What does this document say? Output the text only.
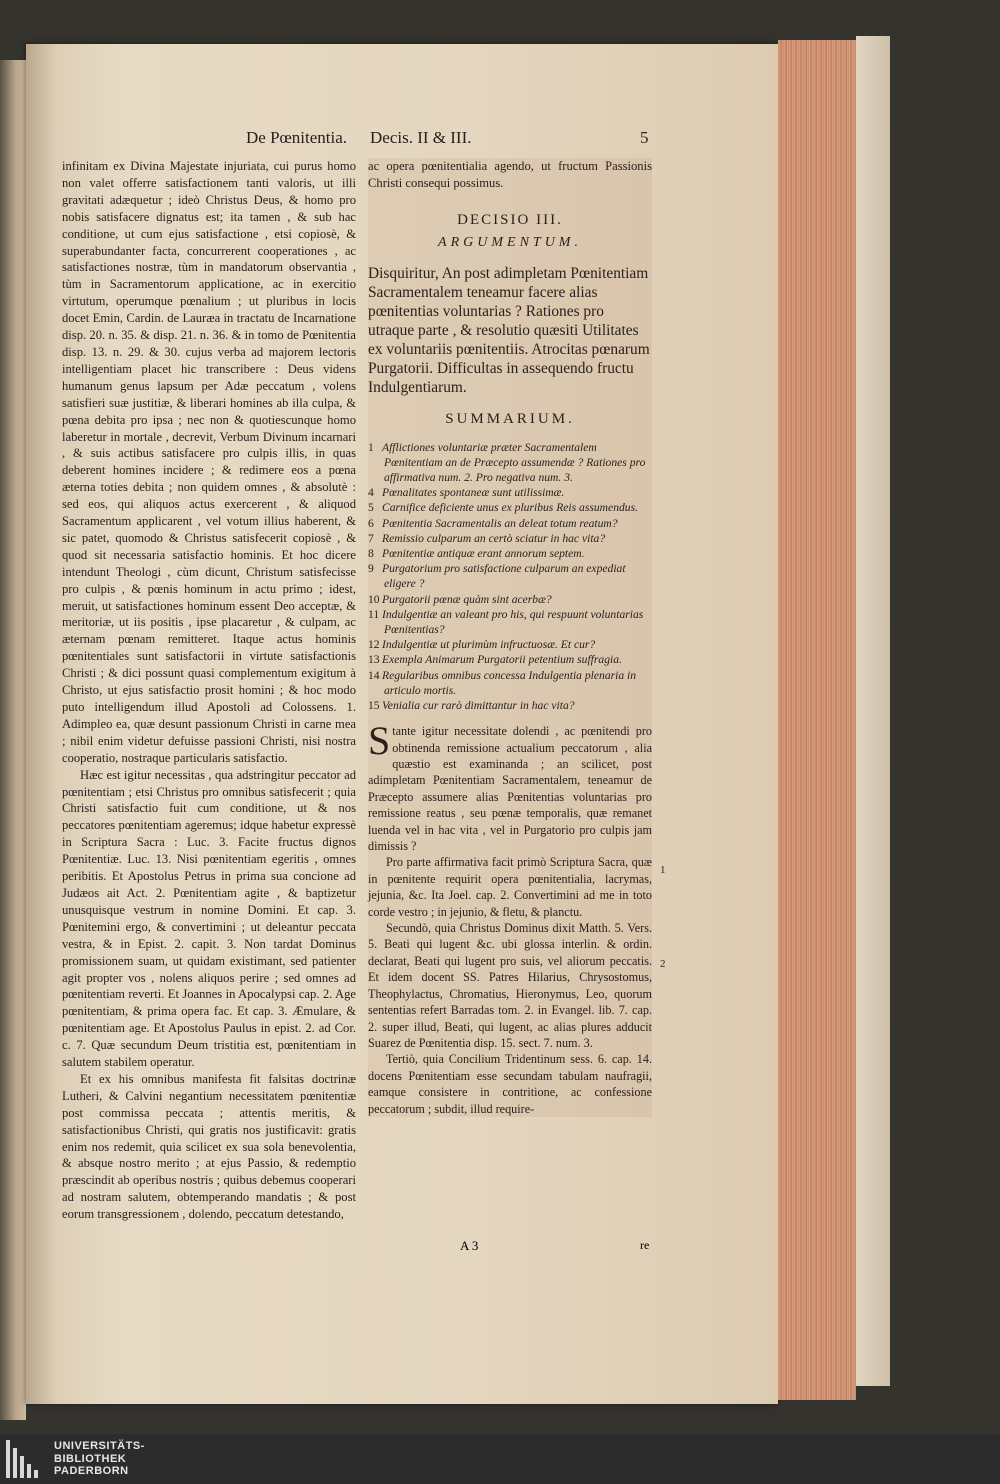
De Pœnitentia. Decis. II & III.	5

infinitam ex Divina Majestate injuriata, cui purus homo non valet offerre satisfactionem tanti valoris, ut illi gravitati adæquetur ; ideò Christus Deus, & homo pro nobis satisfacere dignatus est; ita tamen , & sub hac conditione, ut cum ejus satisfactione , etsi copiosè, & superabundanter facta, concurrerent cooperationes , ac satisfactiones nostræ, tùm in mandatorum observantia , tùm in Sacramentorum applicatione, ac in exercitio virtutum, operumque pœnalium ; ut pluribus in locis docet Emin, Cardin. de Lauræa in tractatu de Incarnatione disp. 20. n. 35. & disp. 21. n. 36. & in tomo de Pœnitentia disp. 13. n. 29. & 30. cujus verba ad majorem lectoris intelligentiam placet hic transcribere : Deus videns humanum genus lapsum per Adæ peccatum , volens satisfieri suæ justitiæ, & liberari homines ab illa culpa, & pœna debita pro ipsa ; nec non & quotiescunque homo laberetur in mortale , decrevit, Verbum Divinum incarnari , & suis actibus satisfacere pro culpis illis, in quas deberent homines incidere ; & redimere eos a pœna æterna toties debita ; non quidem omnes , & absolutè : sed eos, qui aliquos actus exercerent , & aliquod Sacramentum applicarent , vel votum illius haberent, & sic patet, quomodo & Christus satisfecerit copiosè , & quod sit necessaria satisfactio hominis. Et hoc dicere intendunt Theologi , cùm dicunt, Christum satisfecisse pro culpis , & pœnis hominum in actu primo ; idest, meruit, ut satisfactiones hominum essent Deo acceptæ, & meritoriæ, ut iis positis , ipse placaretur , & culpam, ac æternam pœnam remitteret. Itaque actus hominis pœnitentiales sunt satisfactorii in virtute satisfactionis Christi ; & dici possunt quasi complementum exigitum à Christo, ut ejus satisfactio prosit homini ; & hoc modo puto intelligendum illud Apostoli ad Colossens. 1. Adimpleo ea, quæ desunt passionum Christi in carne mea ; nibil enim videtur defuisse passioni Christi, nisi nostra cooperatio, nostraque particularis satisfactio.

Hæc est igitur necessitas , qua adstringitur peccator ad pœnitentiam ; etsi Christus pro omnibus satisfecerit ; quia Christi satisfactio fuit cum conditione, ut & nos peccatores pœnitentiam ageremus; idque habetur expressè in Scriptura Sacra : Luc. 3. Facite fructus dignos Pœnitentiæ. Luc. 13. Nisi pœnitentiam egeritis , omnes peribitis. Et Apostolus Petrus in prima sua concione ad Judæos ait Act. 2. Pœnitentiam agite , & baptizetur unusquisque vestrum in nomine Domini. Et cap. 3. Pœnitemini ergo, & convertimini ; ut deleantur peccata vestra, & in Epist. 2. capit. 3. Non tardat Dominus promissionem suam, ut quidam existimant, sed patienter agit propter vos , nolens aliquos perire ; sed omnes ad pœnitentiam reverti. Et Joannes in Apocalypsi cap. 2. Age pœnitentiam, & prima opera fac. Et cap. 3. Æmulare, & pœnitentiam age. Et Apostolus Paulus in epist. 2. ad Cor. c. 7. Quæ secundum Deum tristitia est, pœnitentiam in salutem stabilem operatur.

Et ex his omnibus manifesta fit falsitas doctrinæ Lutheri, & Calvini negantium necessitatem pœnitentiæ post commissa peccata ; attentis meritis, & satisfactionibus Christi, qui gratis nos justificavit: gratis enim nos redemit, quia scilicet ex sua sola benevolentia, & absque nostro merito ; at ejus Passio, & redemptio præscindit ab operibus nostris ; quibus debemus cooperari ad nostram salutem, obtemperando mandatis ; & post eorum transgressionem , dolendo, peccatum detestando,

ac opera pœnitentialia agendo, ut fructum Passionis Christi consequi possimus.

DECISIO III.
ARGUMENTUM.

Disquiritur, An post adimpletam Pœnitentiam Sacramentalem teneamur facere alias pœnitentias voluntarias ? Rationes pro utraque parte , & resolutio quæsiti Utilitates ex voluntariis pœnitentiis. Atrocitas pœnarum Purgatorii. Difficultas in assequendo fructu Indulgentiarum.

SUMMARIUM.
1 Afflictiones voluntariæ præter Sacramentalem Pœnitentiam an de Præcepto assumendæ ? Rationes pro affirmativa num. 2. Pro negativa num. 3.
4 Pœnalitates spontaneæ sunt utilissimæ.
5 Carnifice deficiente unus ex pluribus Reis assumendus.
6 Pœnitentia Sacramentalis an deleat totum reatum?
7 Remissio culparum an certò sciatur in hac vita?
8 Pœnitentiæ antiquæ erant annorum septem.
9 Purgatorium pro satisfactione culparum an expediat eligere ?
10 Purgatorii pœnæ quàm sint acerbæ?
11 Indulgentiæ an valeant pro his, qui respuunt voluntarias Pœnitentias?
12 Indulgentiæ ut plurimùm infructuosæ. Et cur?
13 Exempla Animarum Purgatorii petentium suffragia.
14 Regularibus omnibus concessa Indulgentia plenaria in articulo mortis.
15 Venialia cur rarò dimittantur in hac vita?
S tante igitur necessitate dolendi , ac pœnitendi pro obtinenda remissione actualium peccatorum , alia quæstio est examinanda ; an scilicet, post adimpletam Pœnitentiam Sacramentalem, teneamur de Præcepto assumere alias Pœnitentias voluntarias pro remissione reatus , seu pœnæ temporalis, quæ remanet luenda vel in hac vita , vel in Purgatorio pro culpis jam dimissis ?

Pro parte affirmativa facit primò Scriptura Sacra, quæ in pœnitente requirit opera pœnitentialia, lacrymas, jejunia, &c. Ita Joel. cap. 2. Convertimini ad me in toto corde vestro ; in jejunio, & fletu, & planctu.

Secundò, quia Christus Dominus dixit Matth. 5. Vers. 5. Beati qui lugent &c. ubi glossa interlin. & ordin. declarat, Beati qui lugent pro suis, vel aliorum peccatis. Et idem docent SS. Patres Hilarius, Chrysostomus, Theophylactus, Chromatius, Hieronymus, Leo, quorum sententias refert Barradas tom. 2. in Evangel. lib. 7. cap. 2. super illud, Beati, qui lugent, ac alias plures adducit Suarez de Pœnitentia disp. 15. sect. 7. num. 3.

Tertiò, quia Concilium Tridentinum sess. 6. cap. 14. docens Pœnitentiam esse secundam tabulam naufragii, eamque consistere in contritione, ac confessione peccatorum ; subdit, illud require-

1
2
A 3	re
UNIVERSITÄTS-
BIBLIOTHEK
PADERBORN
